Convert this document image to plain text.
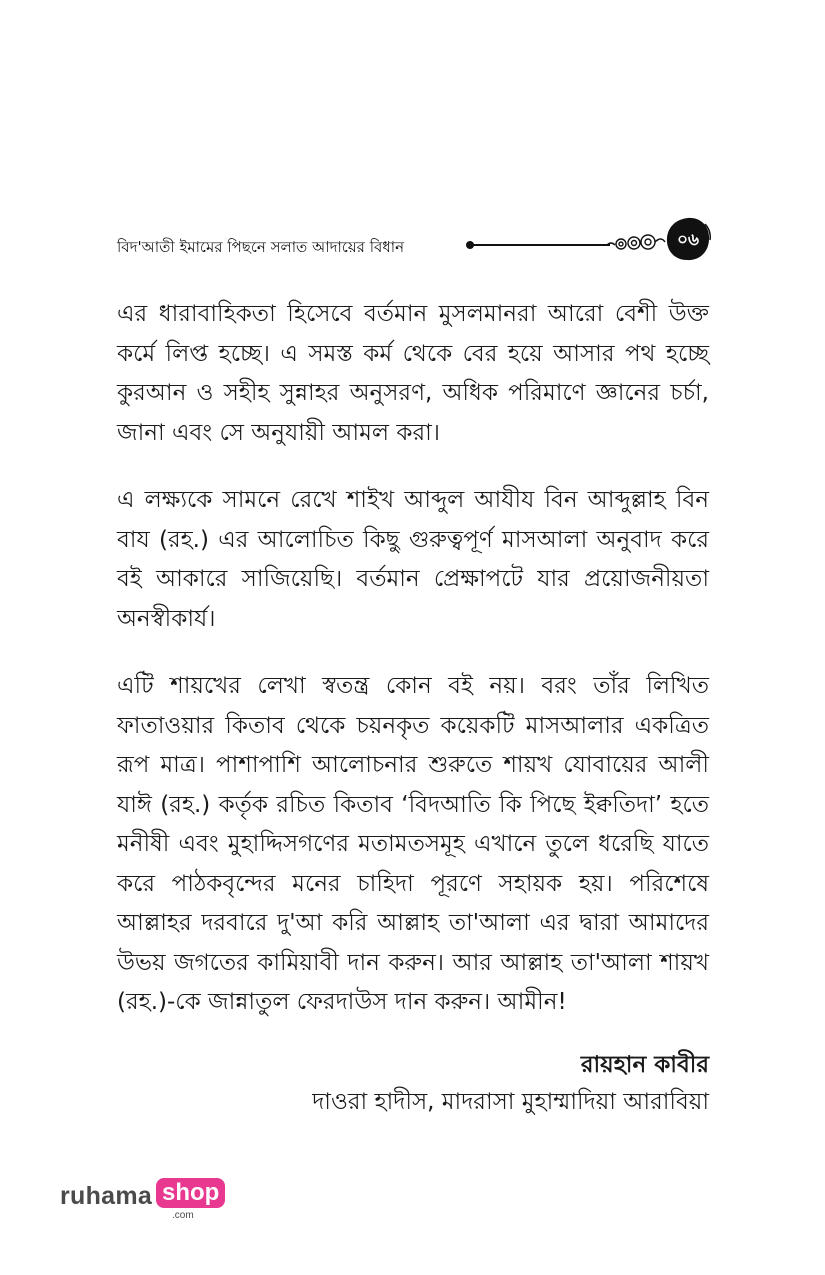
বিদ'আতী ইমামের পিছনে সলাত আদায়ের বিধান	০৬

এর ধারাবাহিকতা হিসেবে বর্তমান মুসলমানরা আরো বেশী উক্ত কর্মে লিপ্ত হচ্ছে। এ সমস্ত কর্ম থেকে বের হয়ে আসার পথ হচ্ছে কুরআন ও সহীহ সুন্নাহর অনুসরণ, অধিক পরিমাণে জ্ঞানের চর্চা, জানা এবং সে অনুযায়ী আমল করা।

এ লক্ষ্যকে সামনে রেখে শাইখ আব্দুল আযীয বিন আব্দুল্লাহ বিন বায (রহ.) এর আলোচিত কিছু গুরুত্বপূর্ণ মাসআলা অনুবাদ করে বই আকারে সাজিয়েছি। বর্তমান প্রেক্ষাপটে যার প্রয়োজনীয়তা অনস্বীকার্য।

এটি শায়খের লেখা স্বতন্ত্র কোন বই নয়। বরং তাঁর লিখিত ফাতাওয়ার কিতাব থেকে চয়নকৃত কয়েকটি মাসআলার একত্রিত রূপ মাত্র। পাশাপাশি আলোচনার শুরুতে শায়খ যোবায়ের আলী যাঈ (রহ.) কর্তৃক রচিত কিতাব ‘বিদআতি কি পিছে ইক্বতিদা’ হতে মনীষী এবং মুহাদ্দিসগণের মতামতসমূহ এখানে তুলে ধরেছি যাতে করে পাঠকবৃন্দের মনের চাহিদা পূরণে সহায়ক হয়। পরিশেষে আল্লাহর দরবারে দু'আ করি আল্লাহ তা'আলা এর দ্বারা আমাদের উভয় জগতের কামিয়াবী দান করুন। আর আল্লাহ তা'আলা শায়খ (রহ.)-কে জান্নাতুল ফেরদাউস দান করুন। আমীন!

রায়হান কাবীর
দাওরা হাদীস, মাদরাসা মুহাম্মাদিয়া আরাবিয়া
ruhama shop
.com
